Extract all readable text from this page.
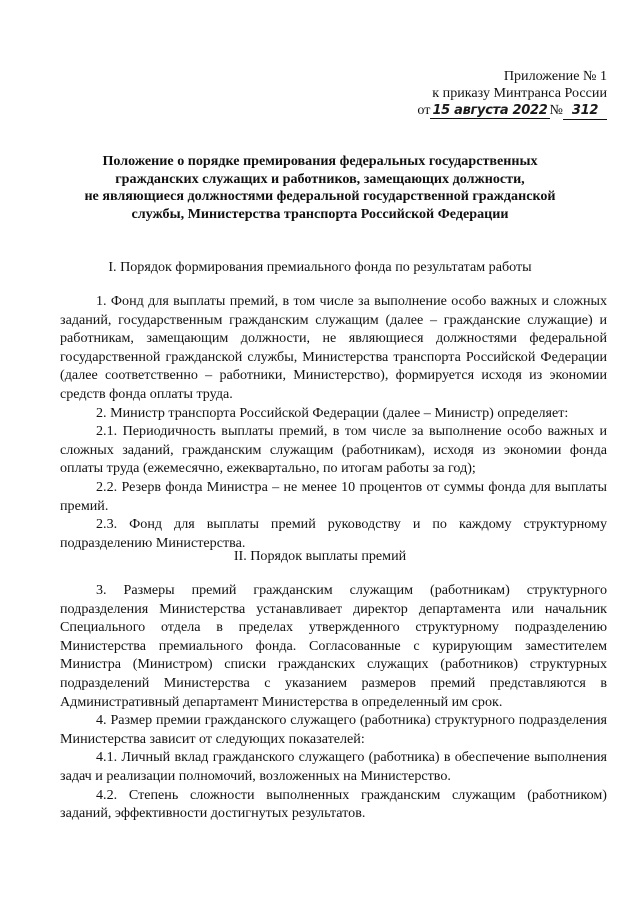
Приложение № 1
к приказу Минтранса России
от 15 августа 2022 № 312
Положение о порядке премирования федеральных государственных
гражданских служащих и работников, замещающих должности,
не являющиеся должностями федеральной государственной гражданской
службы, Министерства транспорта Российской Федерации
I. Порядок формирования премиального фонда по результатам работы

1. Фонд для выплаты премий, в том числе за выполнение особо важных и сложных заданий, государственным гражданским служащим (далее – гражданские служащие) и работникам, замещающим должности, не являющиеся должностями федеральной государственной гражданской службы, Министерства транспорта Российской Федерации (далее соответственно – работники, Министерство), формируется исходя из экономии средств фонда оплаты труда.

2. Министр транспорта Российской Федерации (далее – Министр) определяет:

2.1. Периодичность выплаты премий, в том числе за выполнение особо важных и сложных заданий, гражданским служащим (работникам), исходя из экономии фонда оплаты труда (ежемесячно, ежеквартально, по итогам работы за год);

2.2. Резерв фонда Министра – не менее 10 процентов от суммы фонда для выплаты премий.

2.3. Фонд для выплаты премий руководству и по каждому структурному подразделению Министерства.

II. Порядок выплаты премий

3. Размеры премий гражданским служащим (работникам) структурного подразделения Министерства устанавливает директор департамента или начальник Специального отдела в пределах утвержденного структурному подразделению Министерства премиального фонда. Согласованные с курирующим заместителем Министра (Министром) списки гражданских служащих (работников) структурных подразделений Министерства с указанием размеров премий представляются в Административный департамент Министерства в определенный им срок.

4. Размер премии гражданского служащего (работника) структурного подразделения Министерства зависит от следующих показателей:

4.1. Личный вклад гражданского служащего (работника) в обеспечение выполнения задач и реализации полномочий, возложенных на Министерство.

4.2. Степень сложности выполненных гражданским служащим (работником) заданий, эффективности достигнутых результатов.
